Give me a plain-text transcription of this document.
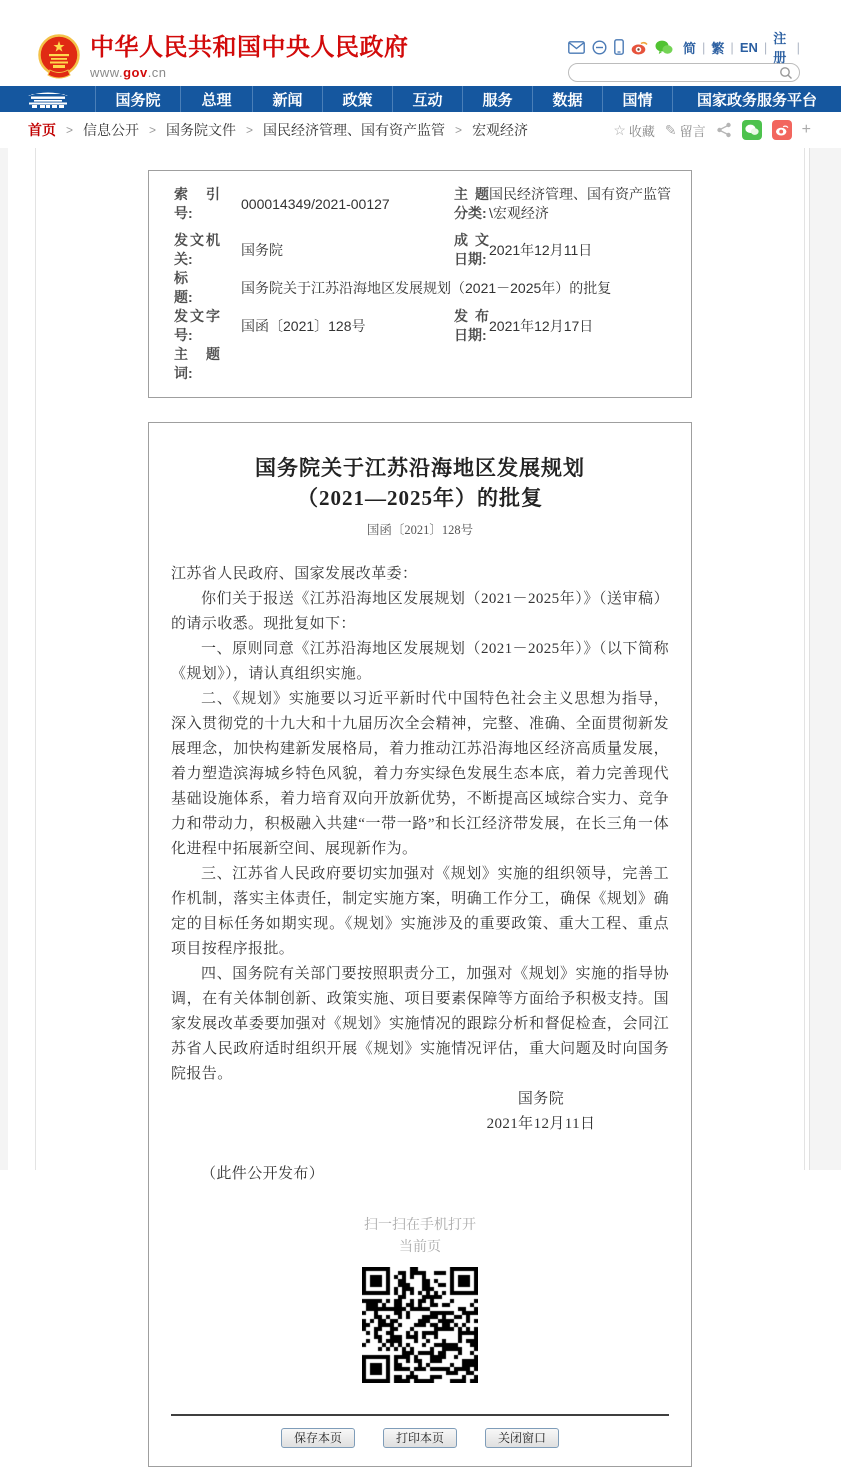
中华人民共和国中央人民政府
www.gov.cn
简 | 繁 | EN |
注册
|
国务院	总理	新闻	政策	互动	服务	数据	国情	国家政务服务平台
首页 > 信息公开 > 国务院文件 > 国民经济管理、国有资产监管 > 宏观经济	☆ 收藏 ✎ 留言	+
索　引　号:
000014349/2021-00127
主题分类:
国民经济管理、国有资产监管\宏观经济
发文机关:
国务院
成文日期:
2021年12月11日
标　题:
国务院关于江苏沿海地区发展规划（2021－2025年）的批复
发文字号:
国函〔2021〕128号
发布日期:
2021年12月17日
主　题　词:
国务院关于江苏沿海地区发展规划
（2021—2025年）的批复
国函〔2021〕128号

江苏省人民政府、国家发展改革委：

你们关于报送《江苏沿海地区发展规划（2021－2025年）》（送审稿）的请示收悉。现批复如下：

一、原则同意《江苏沿海地区发展规划（2021－2025年）》（以下简称《规划》），请认真组织实施。

二、《规划》实施要以习近平新时代中国特色社会主义思想为指导，深入贯彻党的十九大和十九届历次全会精神，完整、准确、全面贯彻新发展理念，加快构建新发展格局，着力推动江苏沿海地区经济高质量发展，着力塑造滨海城乡特色风貌，着力夯实绿色发展生态本底，着力完善现代基础设施体系，着力培育双向开放新优势，不断提高区域综合实力、竞争力和带动力，积极融入共建“一带一路”和长江经济带发展，在长三角一体化进程中拓展新空间、展现新作为。

三、江苏省人民政府要切实加强对《规划》实施的组织领导，完善工作机制，落实主体责任，制定实施方案，明确工作分工，确保《规划》确定的目标任务如期实现。《规划》实施涉及的重要政策、重大工程、重点项目按程序报批。

四、国务院有关部门要按照职责分工，加强对《规划》实施的指导协调，在有关体制创新、政策实施、项目要素保障等方面给予积极支持。国家发展改革委要加强对《规划》实施情况的跟踪分析和督促检查，会同江苏省人民政府适时组织开展《规划》实施情况评估，重大问题及时向国务院报告。

国务院
2021年12月11日

（此件公开发布）

扫一扫在手机打开
当前页
保存本页	打印本页	关闭窗口
